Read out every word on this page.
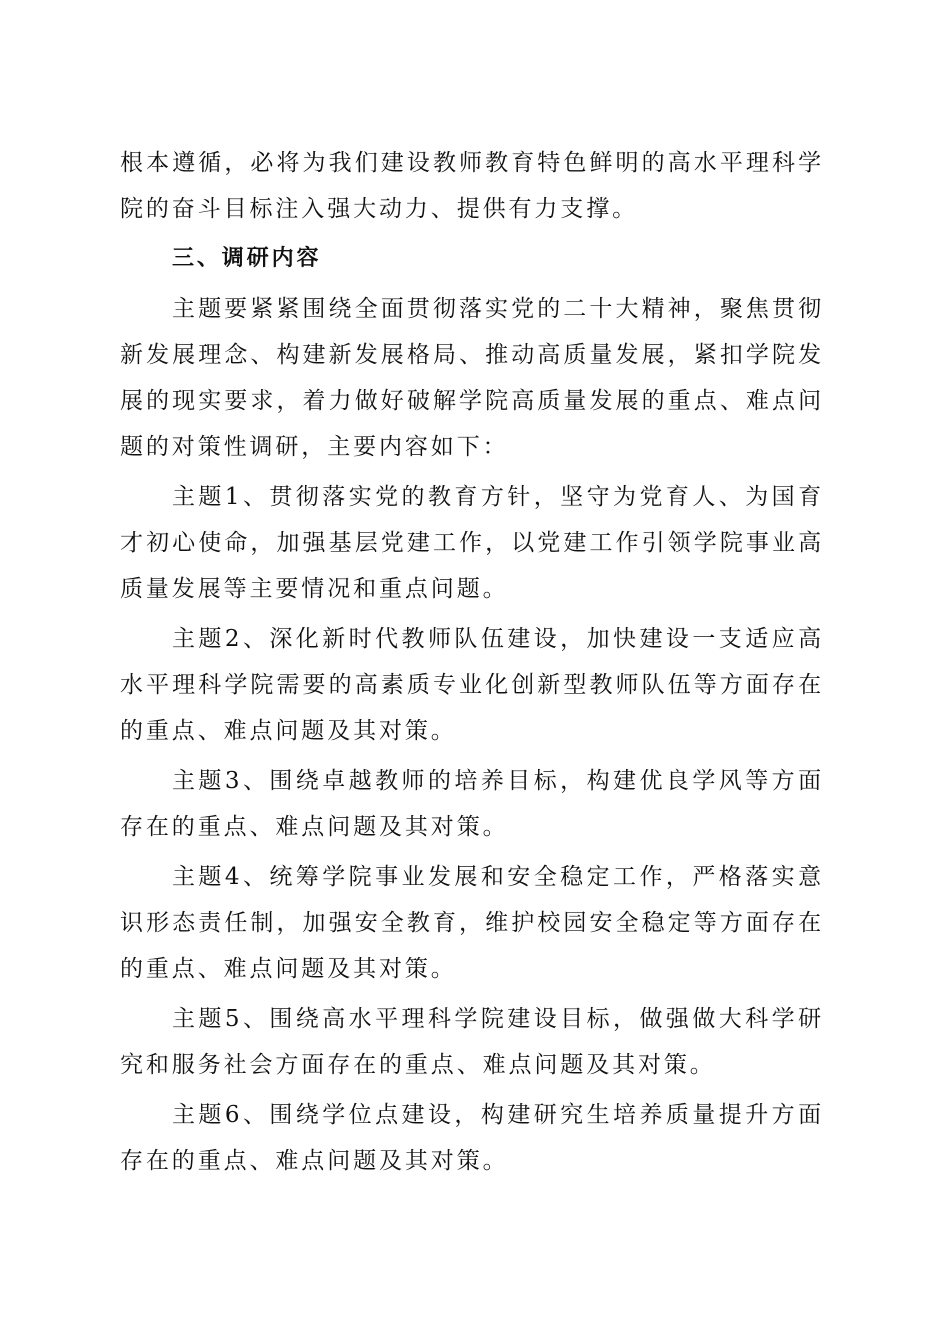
根本遵循，必将为我们建设教师教育特色鲜明的高水平理科学院的奋斗目标注入强大动力、提供有力支撑。

三、调研内容

主题要紧紧围绕全面贯彻落实党的二十大精神，聚焦贯彻新发展理念、构建新发展格局、推动高质量发展，紧扣学院发展的现实要求，着力做好破解学院高质量发展的重点、难点问题的对策性调研，主要内容如下：

主题1、贯彻落实党的教育方针，坚守为党育人、为国育才初心使命，加强基层党建工作，以党建工作引领学院事业高质量发展等主要情况和重点问题。

主题2、深化新时代教师队伍建设，加快建设一支适应高水平理科学院需要的高素质专业化创新型教师队伍等方面存在的重点、难点问题及其对策。

主题3、围绕卓越教师的培养目标，构建优良学风等方面存在的重点、难点问题及其对策。

主题4、统筹学院事业发展和安全稳定工作，严格落实意识形态责任制，加强安全教育，维护校园安全稳定等方面存在的重点、难点问题及其对策。

主题5、围绕高水平理科学院建设目标，做强做大科学研究和服务社会方面存在的重点、难点问题及其对策。

主题6、围绕学位点建设，构建研究生培养质量提升方面存在的重点、难点问题及其对策。
